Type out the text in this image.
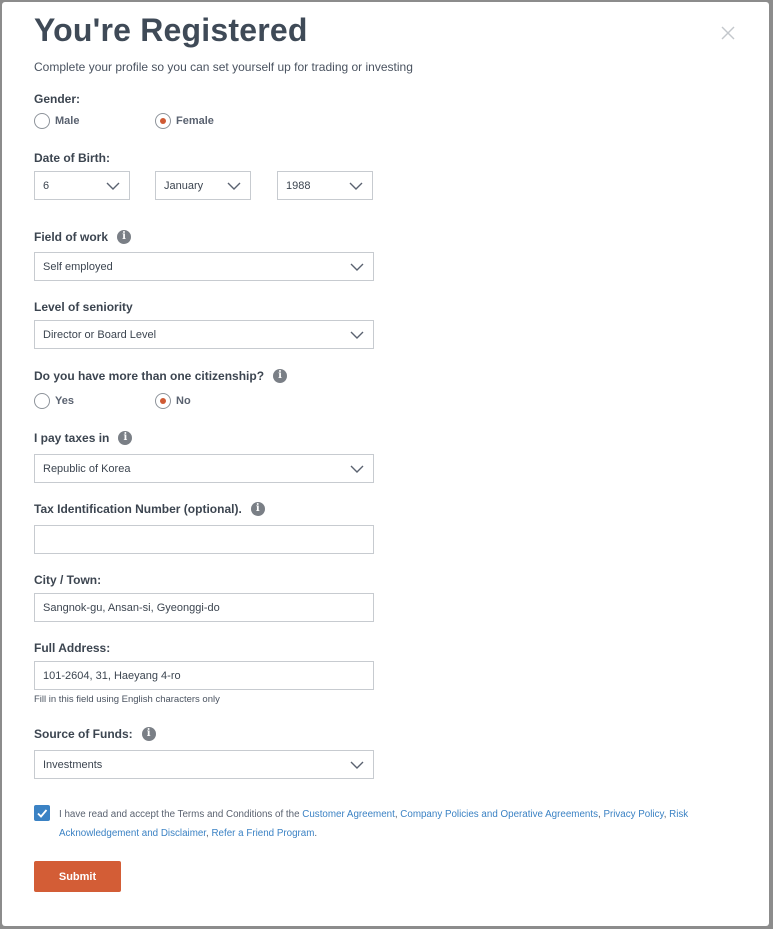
You're Registered
Complete your profile so you can set yourself up for trading or investing
Gender:
Male	Female
Date of Birth:
6	January	1988
Field of work	i
Self employed
Level of seniority
Director or Board Level
Do you have more than one citizenship?	i
Yes	No
I pay taxes in	i
Republic of Korea
Tax Identification Number (optional).	i
City / Town:
Sangnok-gu, Ansan-si, Gyeonggi-do
Full Address:
101-2604, 31, Haeyang 4-ro
Fill in this field using English characters only
Source of Funds:	i
Investments
I have read and accept the Terms and Conditions of the Customer Agreement, Company Policies and Operative Agreements, Privacy Policy, Risk Acknowledgement and Disclaimer, Refer a Friend Program.
Submit
